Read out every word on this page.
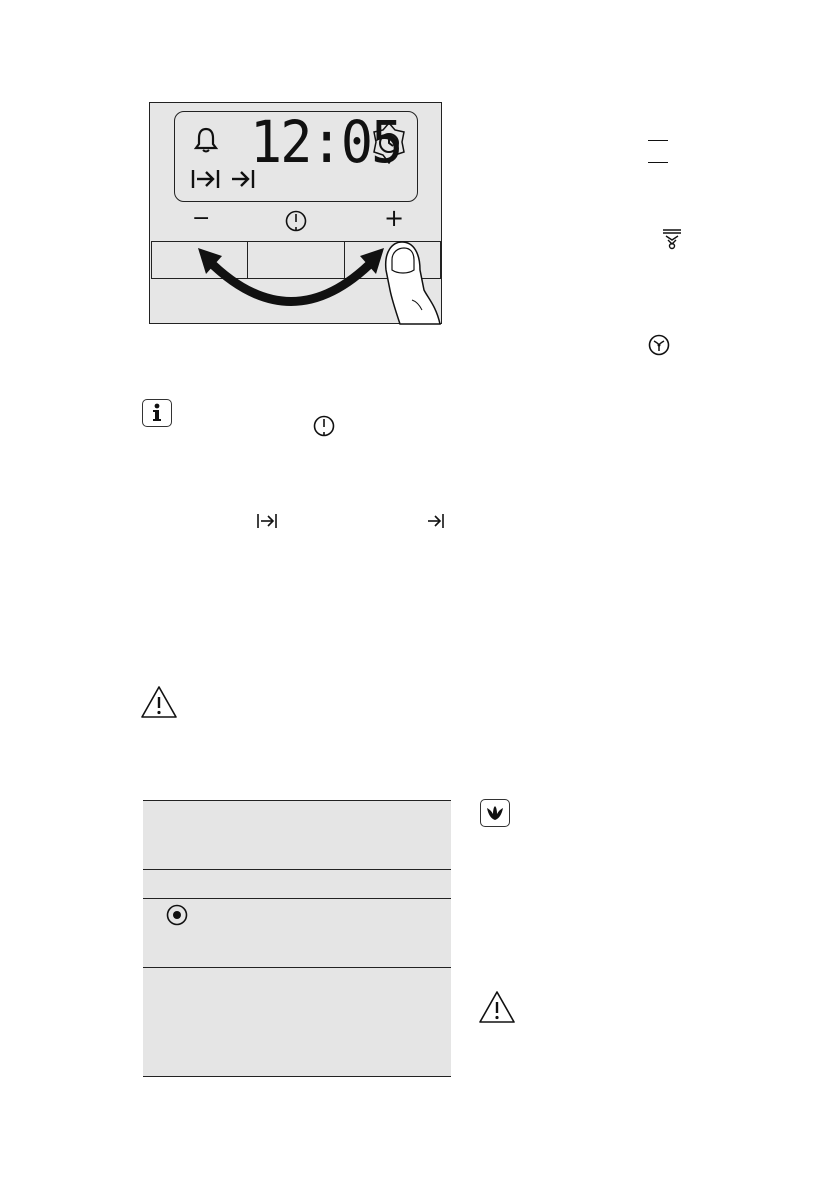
12:05
−	+
